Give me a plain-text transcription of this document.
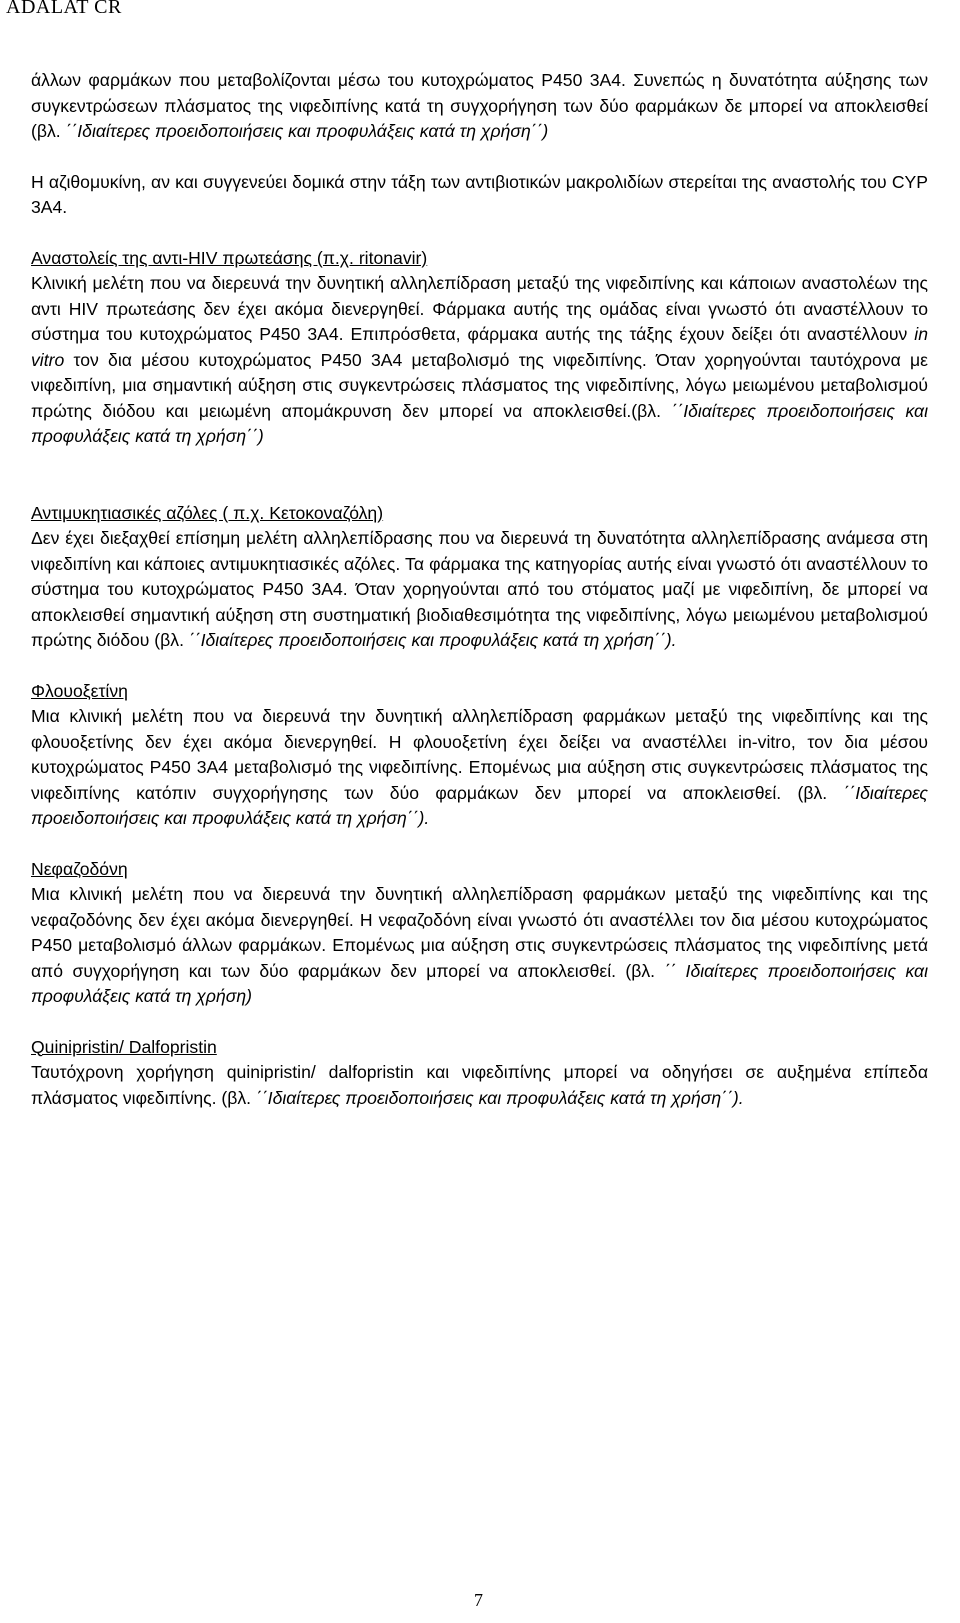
ADALAT CR

άλλων φαρμάκων που μεταβολίζονται μέσω του κυτοχρώματος P450 3A4. Συνεπώς η δυνατότητα αύξησης των συγκεντρώσεων πλάσματος της νιφεδιπίνης κατά τη συγχορήγηση των δύο φαρμάκων δε μπορεί να αποκλεισθεί (βλ. ΄΄Ιδιαίτερες προειδοποιήσεις και προφυλάξεις κατά τη χρήση΄΄)

Η αζιθομυκίνη, αν και συγγενεύει δομικά στην τάξη των αντιβιοτικών μακρολιδίων στερείται της αναστολής του CYP 3A4.

Αναστολείς της αντι-HIV πρωτεάσης (π.χ. ritonavir)

Κλινική μελέτη που να διερευνά την δυνητική αλληλεπίδραση μεταξύ της νιφεδιπίνης και κάποιων αναστολέων της αντι HIV πρωτεάσης δεν έχει ακόμα διενεργηθεί. Φάρμακα αυτής της ομάδας είναι γνωστό ότι αναστέλλουν το σύστημα του κυτοχρώματος P450 3A4. Επιπρόσθετα, φάρμακα αυτής της τάξης έχουν δείξει ότι αναστέλλουν in vitro τον δια μέσου κυτοχρώματος P450 3A4 μεταβολισμό της νιφεδιπίνης. Όταν χορηγούνται ταυτόχρονα με νιφεδιπίνη, μια σημαντική αύξηση στις συγκεντρώσεις πλάσματος της νιφεδιπίνης, λόγω μειωμένου μεταβολισμού πρώτης διόδου και μειωμένη απομάκρυνση δεν μπορεί να αποκλεισθεί.(βλ. ΄΄Ιδιαίτερες προειδοποιήσεις και προφυλάξεις κατά τη χρήση΄΄)

Αντιμυκητιασικές αζόλες ( π.χ. Κετοκοναζόλη)

Δεν έχει διεξαχθεί επίσημη μελέτη αλληλεπίδρασης που να διερευνά τη δυνατότητα αλληλεπίδρασης ανάμεσα στη νιφεδιπίνη και κάποιες αντιμυκητιασικές αζόλες. Τα φάρμακα της κατηγορίας αυτής είναι γνωστό ότι αναστέλλουν το σύστημα του κυτοχρώματος P450 3A4. Όταν χορηγούνται από του στόματος μαζί με νιφεδιπίνη, δε μπορεί να αποκλεισθεί σημαντική αύξηση στη συστηματική βιοδιαθεσιμότητα της νιφεδιπίνης, λόγω μειωμένου μεταβολισμού πρώτης διόδου (βλ. ΄΄Ιδιαίτερες προειδοποιήσεις και προφυλάξεις κατά τη χρήση΄΄).

Φλουοξετίνη

Μια κλινική μελέτη που να διερευνά την δυνητική αλληλεπίδραση φαρμάκων μεταξύ της νιφεδιπίνης και της φλουοξετίνης δεν έχει ακόμα διενεργηθεί. Η φλουοξετίνη έχει δείξει να αναστέλλει in-vitro, τον δια μέσου κυτοχρώματος P450 3A4 μεταβολισμό της νιφεδιπίνης. Επομένως μια αύξηση στις συγκεντρώσεις πλάσματος της νιφεδιπίνης κατόπιν συγχορήγησης των δύο φαρμάκων δεν μπορεί να αποκλεισθεί. (βλ. ΄΄Ιδιαίτερες προειδοποιήσεις και προφυλάξεις κατά τη χρήση΄΄).

Νεφαζοδόνη

Μια κλινική μελέτη που να διερευνά την δυνητική αλληλεπίδραση φαρμάκων μεταξύ της νιφεδιπίνης και της νεφαζοδόνης δεν έχει ακόμα διενεργηθεί. Η νεφαζοδόνη είναι γνωστό ότι αναστέλλει τον δια μέσου κυτοχρώματος P450 μεταβολισμό άλλων φαρμάκων. Επομένως μια αύξηση στις συγκεντρώσεις πλάσματος της νιφεδιπίνης μετά από συγχορήγηση και των δύο φαρμάκων δεν μπορεί να αποκλεισθεί. (βλ. ΄΄ Ιδιαίτερες προειδοποιήσεις και προφυλάξεις κατά τη χρήση)

Quinipristin/ Dalfopristin

Ταυτόχρονη χορήγηση quinipristin/ dalfopristin και νιφεδιπίνης μπορεί να οδηγήσει σε αυξημένα επίπεδα πλάσματος νιφεδιπίνης. (βλ. ΄΄Ιδιαίτερες προειδοποιήσεις και προφυλάξεις κατά τη χρήση΄΄).

7
